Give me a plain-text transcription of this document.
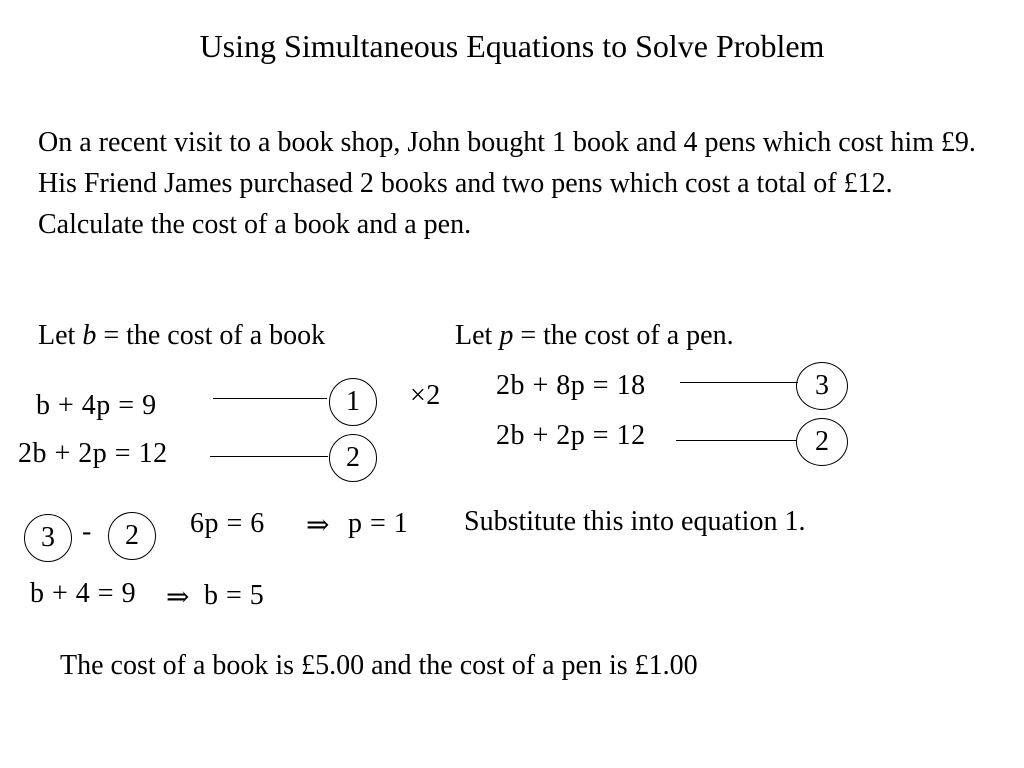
Using Simultaneous Equations to Solve Problem
On a recent visit to a book shop, John bought 1 book and 4 pens which cost him £9. His Friend James purchased 2 books and two pens which cost a total of £12. Calculate the cost of a book and a pen.
Let b = the cost of a book	Let p = the cost of a pen.
b + 4p = 9	1 ×2
2b + 2p = 12	2
2b + 8p = 18	3
2b + 2p = 12	2
3 - 2 6p = 6 ⇒ p = 1 Substitute this into equation 1.
b + 4 = 9 ⇒ b = 5
The cost of a book is £5.00 and the cost of a pen is £1.00
